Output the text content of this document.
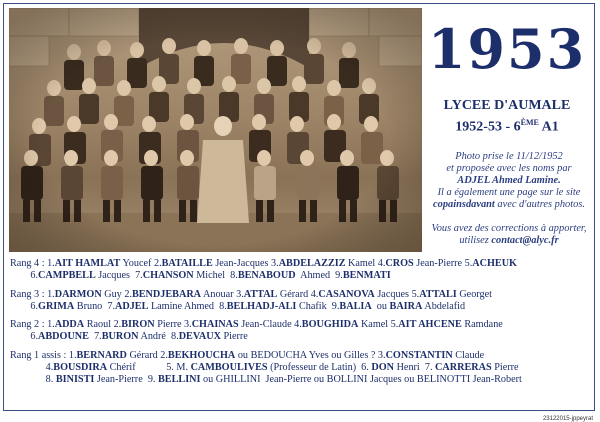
1953
LYCEE D'AUMALE
1952-53 - 6ÈME A1
Photo prise le 11/12/1952
et proposée avec les noms par
ADJEL Ahmed Lamine.
Il a également une page sur le site
copainsdavant avec d'autres photos.
Vous avez des corrections à apporter,
utilisez contact@alyc.fr
Rang 4 : 1.AIT HAMLAT Youcef 2.BATAILLE Jean-Jacques 3.ABDELAZZIZ Kamel 4.CROS Jean-Pierre 5.ACHEUK
6.CAMPBELL Jacques  7.CHANSON Michel  8.BENABOUD  Ahmed  9.BENMATI
Rang 3 : 1.DARMON Guy 2.BENDJEBARA Anouar 3.ATTAL Gérard 4.CASANOVA Jacques 5.ATTALI Georget
6.GRIMA Bruno  7.ADJEL Lamine Ahmed  8.BELHADJ-ALI Chafik  9.BALIA  ou BAIRA Abdelafid
Rang 2 : 1.ADDA Raoul 2.BIRON Pierre 3.CHAINAS Jean-Claude 4.BOUGHIDA Kamel 5.AIT AHCENE Ramdane
6.ABDOUNE  7.BURON André  8.DEVAUX Pierre
Rang 1 assis : 1.BERNARD Gérard 2.BEKHOUCHA ou BEDOUCHA Yves ou Gilles ? 3.CONSTANTIN Claude
4.BOUSDIRA Chérif            5. M. CAMBOULIVES (Professeur de Latin)  6. DON Henri  7. CARRERAS Pierre
8. BINISTI Jean-Pierre  9. BELLINI ou GHILLINI  Jean-Pierre ou BOLLINI Jacques ou BELINOTTI Jean-Robert
23122015-jppeyrat
